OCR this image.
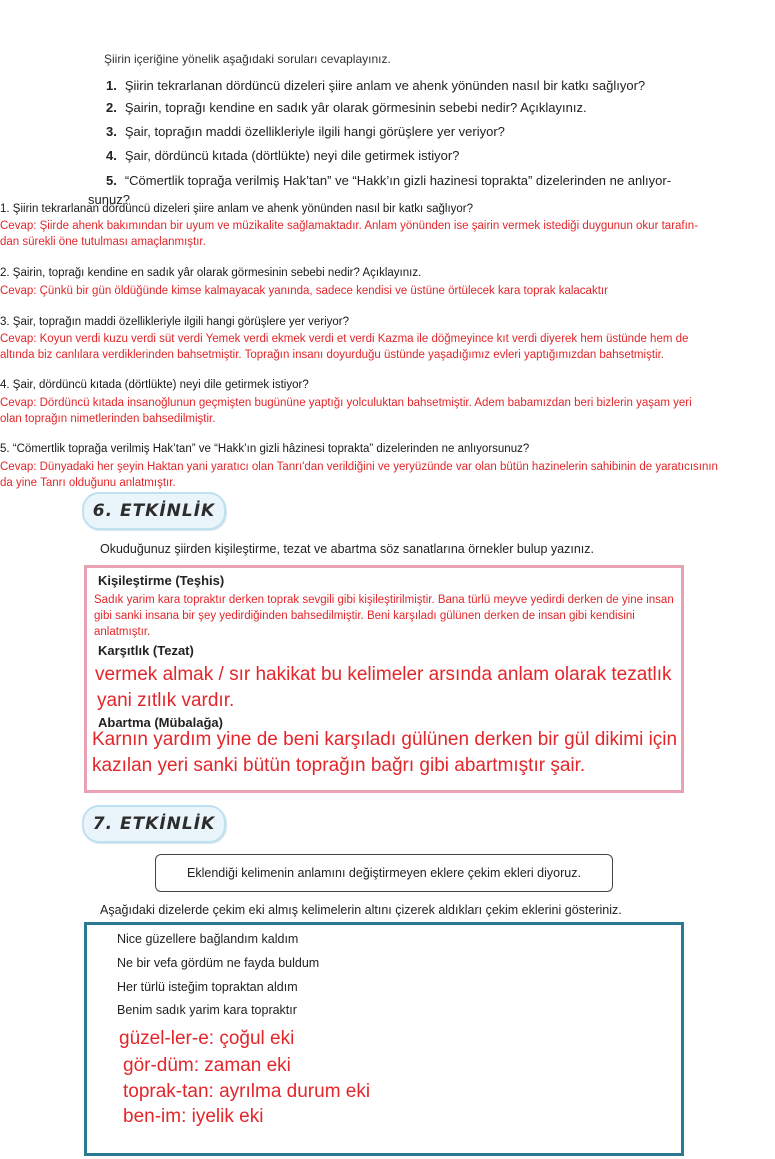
Şiirin içeriğine yönelik aşağıdaki soruları cevaplayınız.
1. Şiirin tekrarlanan dördüncü dizeleri şiire anlam ve ahenk yönünden nasıl bir katkı sağlıyor?
2. Şairin, toprağı kendine en sadık yâr olarak görmesinin sebebi nedir? Açıklayınız.
3. Şair, toprağın maddi özellikleriyle ilgili hangi görüşlere yer veriyor?
4. Şair, dördüncü kıtada (dörtlükte) neyi dile getirmek istiyor?
5. “Cömertlik toprağa verilmiş Hak’tan” ve “Hakk’ın gizli hazinesi toprakta” dizelerinden ne anlıyor-
sunuz?
1. Şiirin tekrarlanan dördüncü dizeleri şiire anlam ve ahenk yönünden nasıl bir katkı sağlıyor?
Cevap: Şiirde ahenk bakımından bir uyum ve müzikalite sağlamaktadır. Anlam yönünden ise şairin vermek istediği duygunun okur tarafın-
dan sürekli öne tutulması amaçlanmıştır.
2. Şairin, toprağı kendine en sadık yâr olarak görmesinin sebebi nedir? Açıklayınız.
Cevap: Çünkü bir gün öldüğünde kimse kalmayacak yanında, sadece kendisi ve üstüne örtülecek kara toprak kalacaktır
3. Şair, toprağın maddi özellikleriyle ilgili hangi görüşlere yer veriyor?
Cevap: Koyun verdi kuzu verdi süt verdi Yemek verdi ekmek verdi et verdi Kazma ile döğmeyince kıt verdi diyerek hem üstünde hem de
altında biz canlılara verdiklerinden bahsetmiştir. Toprağın insanı doyurduğu üstünde yaşadığımız evleri yaptığımızdan bahsetmiştir.
4. Şair, dördüncü kıtada (dörtlükte) neyi dile getirmek istiyor?
Cevap: Dördüncü kıtada insanoğlunun geçmişten bugününe yaptığı yolculuktan bahsetmiştir. Adem babamızdan beri bizlerin yaşam yeri
olan toprağın nimetlerinden bahsedilmiştir.
5. “Cömertlik toprağa verilmiş Hak’tan” ve “Hakk’ın gizli hâzinesi toprakta” dizelerinden ne anlıyorsunuz?
Cevap: Dünyadaki her şeyin Haktan yani yaratıcı olan Tanrı'dan verildiğini ve yeryüzünde var olan bütün hazinelerin sahibinin de yaratıcısının
da yine Tanrı olduğunu anlatmıştır.
6. ETKİNLİK
Okuduğunuz şiirden kişileştirme, tezat ve abartma söz sanatlarına örnekler bulup yazınız.
Kişileştirme (Teşhis)
Sadık yarim kara topraktır derken toprak sevgili gibi kişileştirilmiştir. Bana türlü meyve yedirdi derken de yine insan
gibi sanki insana bir şey yedirdiğinden bahsedilmiştir. Beni karşıladı gülünen derken de insan gibi kendisini
anlatmıştır.
Karşıtlık (Tezat)
vermek almak / sır hakikat bu kelimeler arsında anlam olarak tezatlık
yani zıtlık vardır.
Abartma (Mübalağa)
Karnın yardım yine de beni karşıladı gülünen derken bir gül dikimi için
kazılan yeri sanki bütün toprağın bağrı gibi abartmıştır şair.
7. ETKİNLİK
Eklendiği kelimenin anlamını değiştirmeyen eklere çekim ekleri diyoruz.
Aşağıdaki dizelerde çekim eki almış kelimelerin altını çizerek aldıkları çekim eklerini gösteriniz.
Nice güzellere bağlandım kaldım
Ne bir vefa gördüm ne fayda buldum
Her türlü isteğim topraktan aldım
Benim sadık yarim kara topraktır
güzel-ler-e: çoğul eki
gör-düm: zaman eki
toprak-tan: ayrılma durum eki
ben-im: iyelik eki
